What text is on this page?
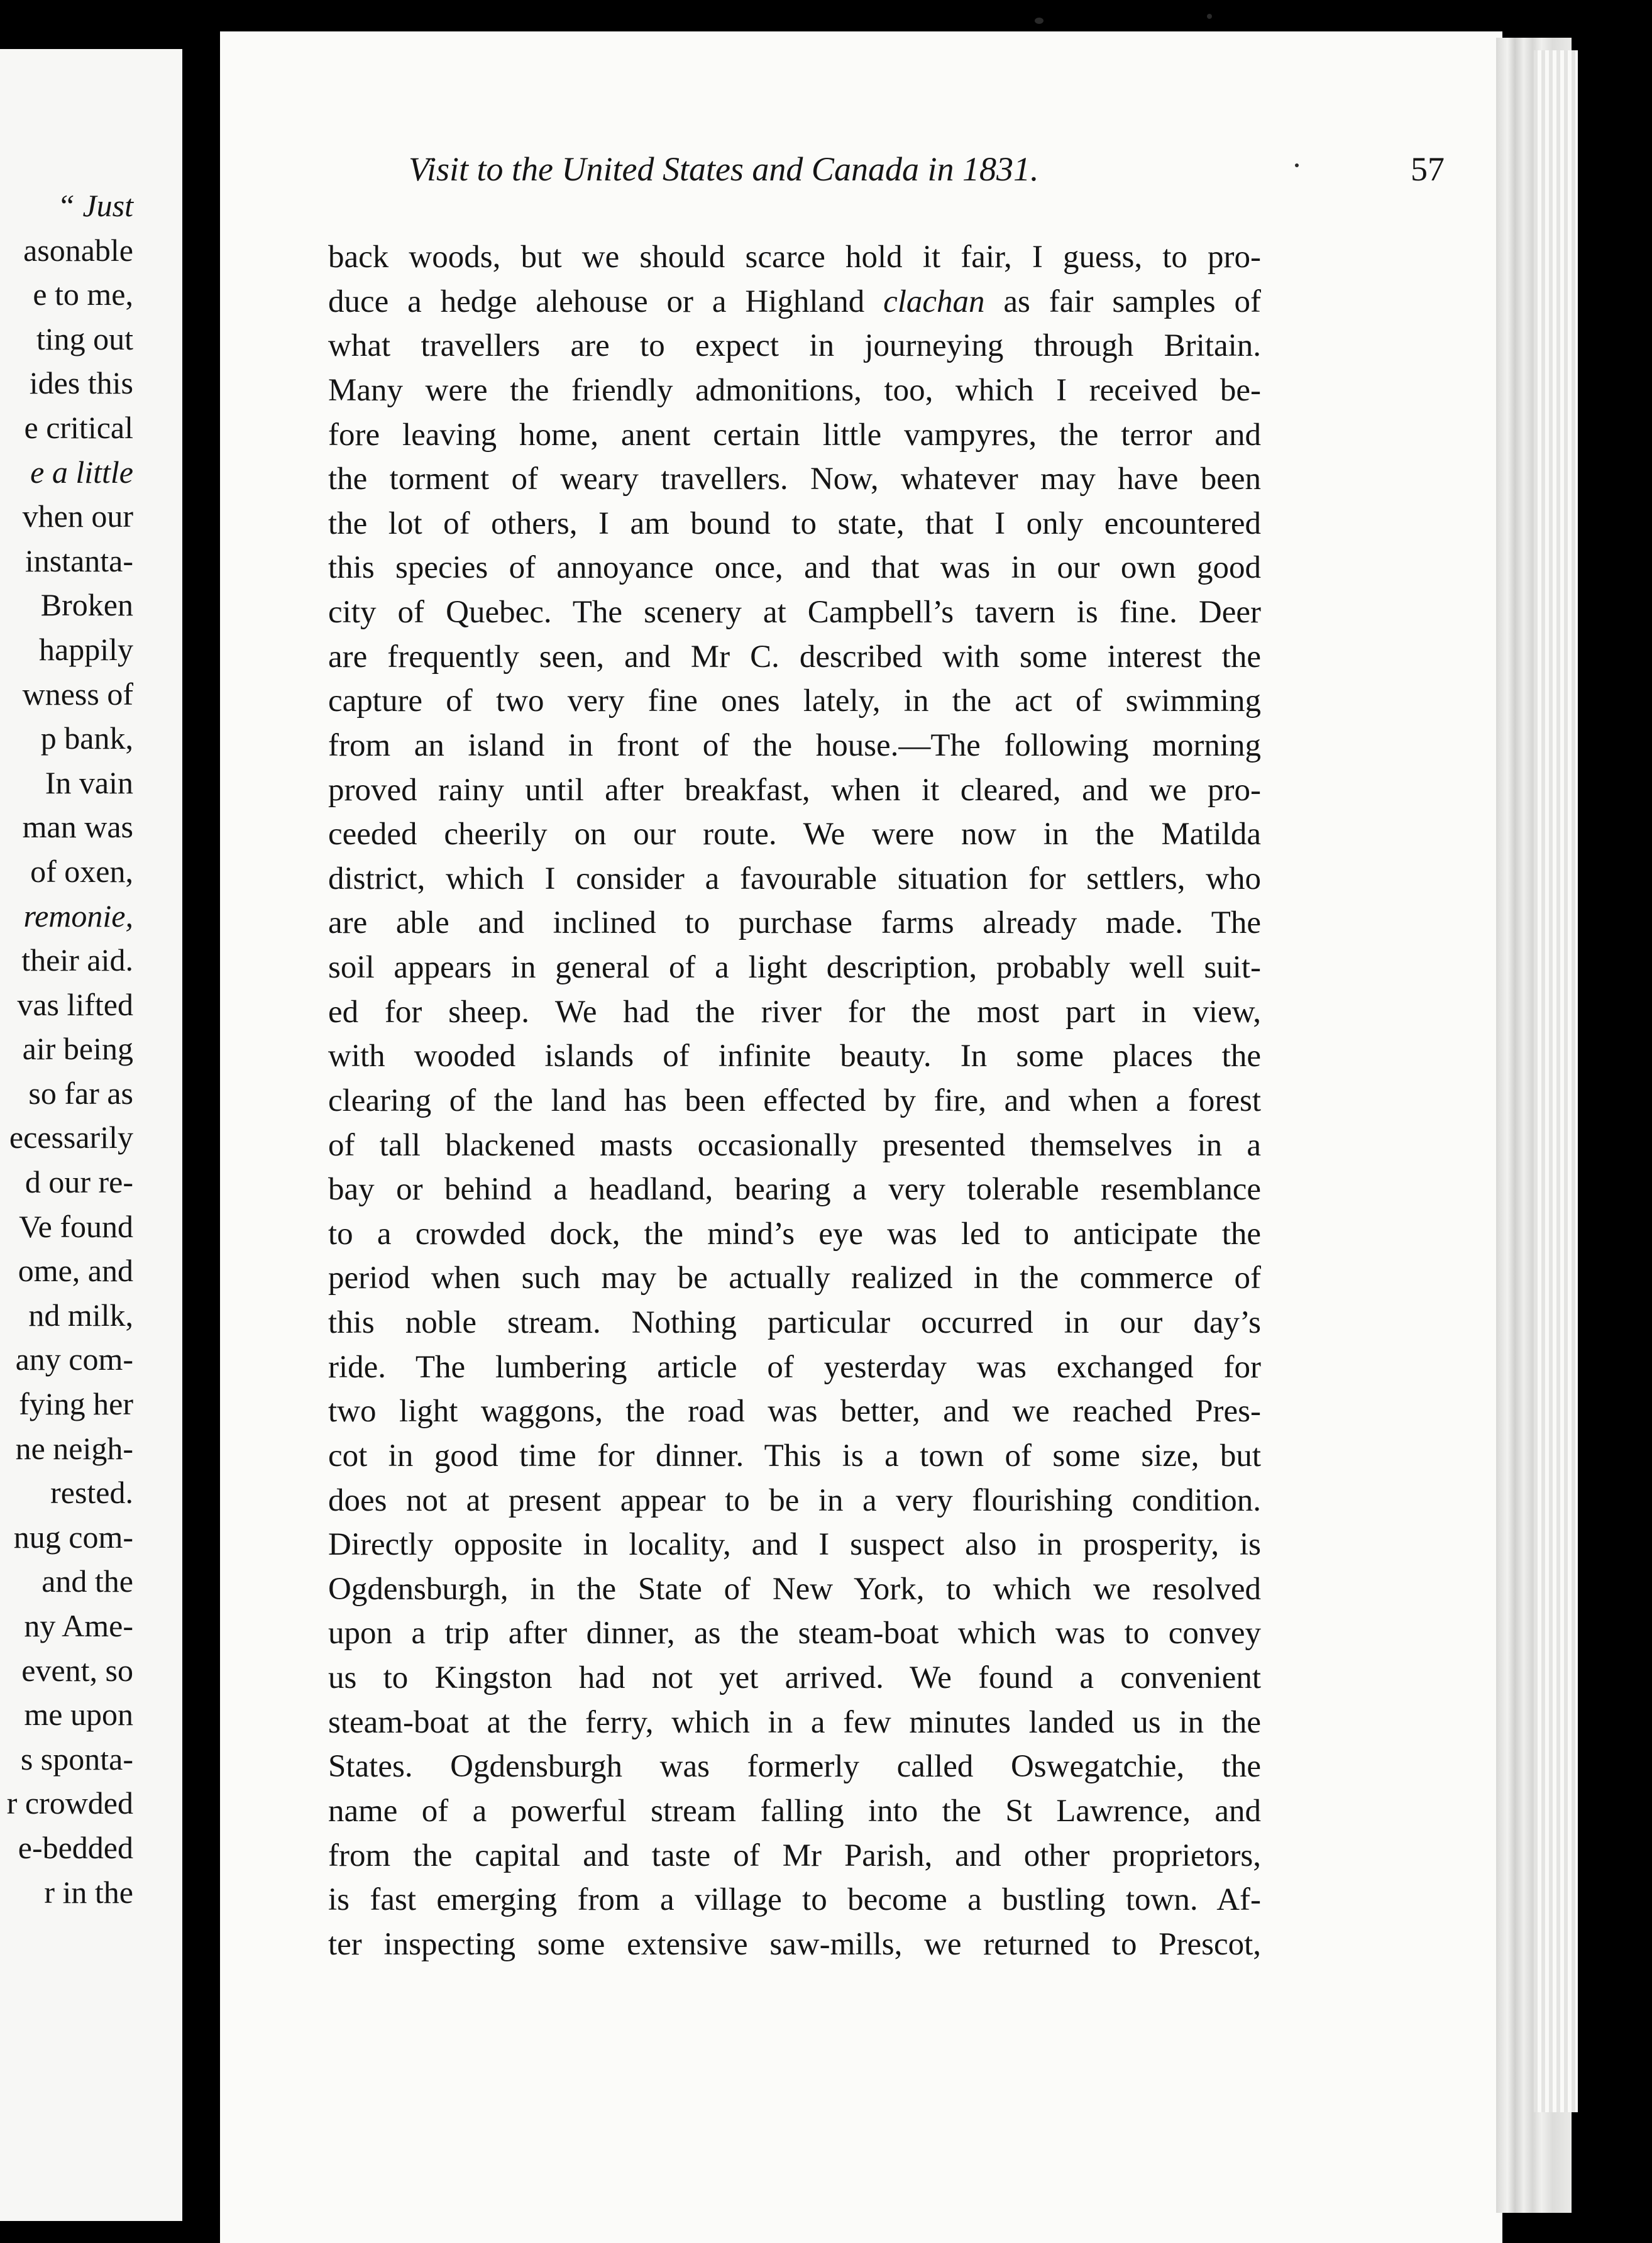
“ Just
asonable
e to me,
ting out
ides this
e critical
e a little
vhen our
instanta-
Broken
happily
wness of
p bank,
In vain
man was
of oxen,
remonie,
their aid.
vas lifted
air being
so far as
ecessarily
d our re-
Ve found
ome, and
nd milk,
any com-
fying her
ne neigh-
rested.
nug com-
and the
ny Ame-
event, so
me upon
s sponta-
r crowded
e-bedded
r in the
Visit to the United States and Canada in 1831.	57
back woods, but we should scarce hold it fair, I guess, to pro-
duce a hedge alehouse or a Highland clachan as fair samples of
what travellers are to expect in journeying through Britain.
Many were the friendly admonitions, too, which I received be-
fore leaving home, anent certain little vampyres, the terror and
the torment of weary travellers. Now, whatever may have been
the lot of others, I am bound to state, that I only encountered
this species of annoyance once, and that was in our own good
city of Quebec. The scenery at Campbell’s tavern is fine. Deer
are frequently seen, and Mr C. described with some interest the
capture of two very fine ones lately, in the act of swimming
from an island in front of the house.—The following morning
proved rainy until after breakfast, when it cleared, and we pro-
ceeded cheerily on our route. We were now in the Matilda
district, which I consider a favourable situation for settlers, who
are able and inclined to purchase farms already made. The
soil appears in general of a light description, probably well suit-
ed for sheep. We had the river for the most part in view,
with wooded islands of infinite beauty. In some places the
clearing of the land has been effected by fire, and when a forest
of tall blackened masts occasionally presented themselves in a
bay or behind a headland, bearing a very tolerable resemblance
to a crowded dock, the mind’s eye was led to anticipate the
period when such may be actually realized in the commerce of
this noble stream. Nothing particular occurred in our day’s
ride. The lumbering article of yesterday was exchanged for
two light waggons, the road was better, and we reached Pres-
cot in good time for dinner. This is a town of some size, but
does not at present appear to be in a very flourishing condition.
Directly opposite in locality, and I suspect also in prosperity, is
Ogdensburgh, in the State of New York, to which we resolved
upon a trip after dinner, as the steam-boat which was to convey
us to Kingston had not yet arrived. We found a convenient
steam-boat at the ferry, which in a few minutes landed us in the
States. Ogdensburgh was formerly called Oswegatchie, the
name of a powerful stream falling into the St Lawrence, and
from the capital and taste of Mr Parish, and other proprietors,
is fast emerging from a village to become a bustling town. Af-
ter inspecting some extensive saw-mills, we returned to Prescot,
